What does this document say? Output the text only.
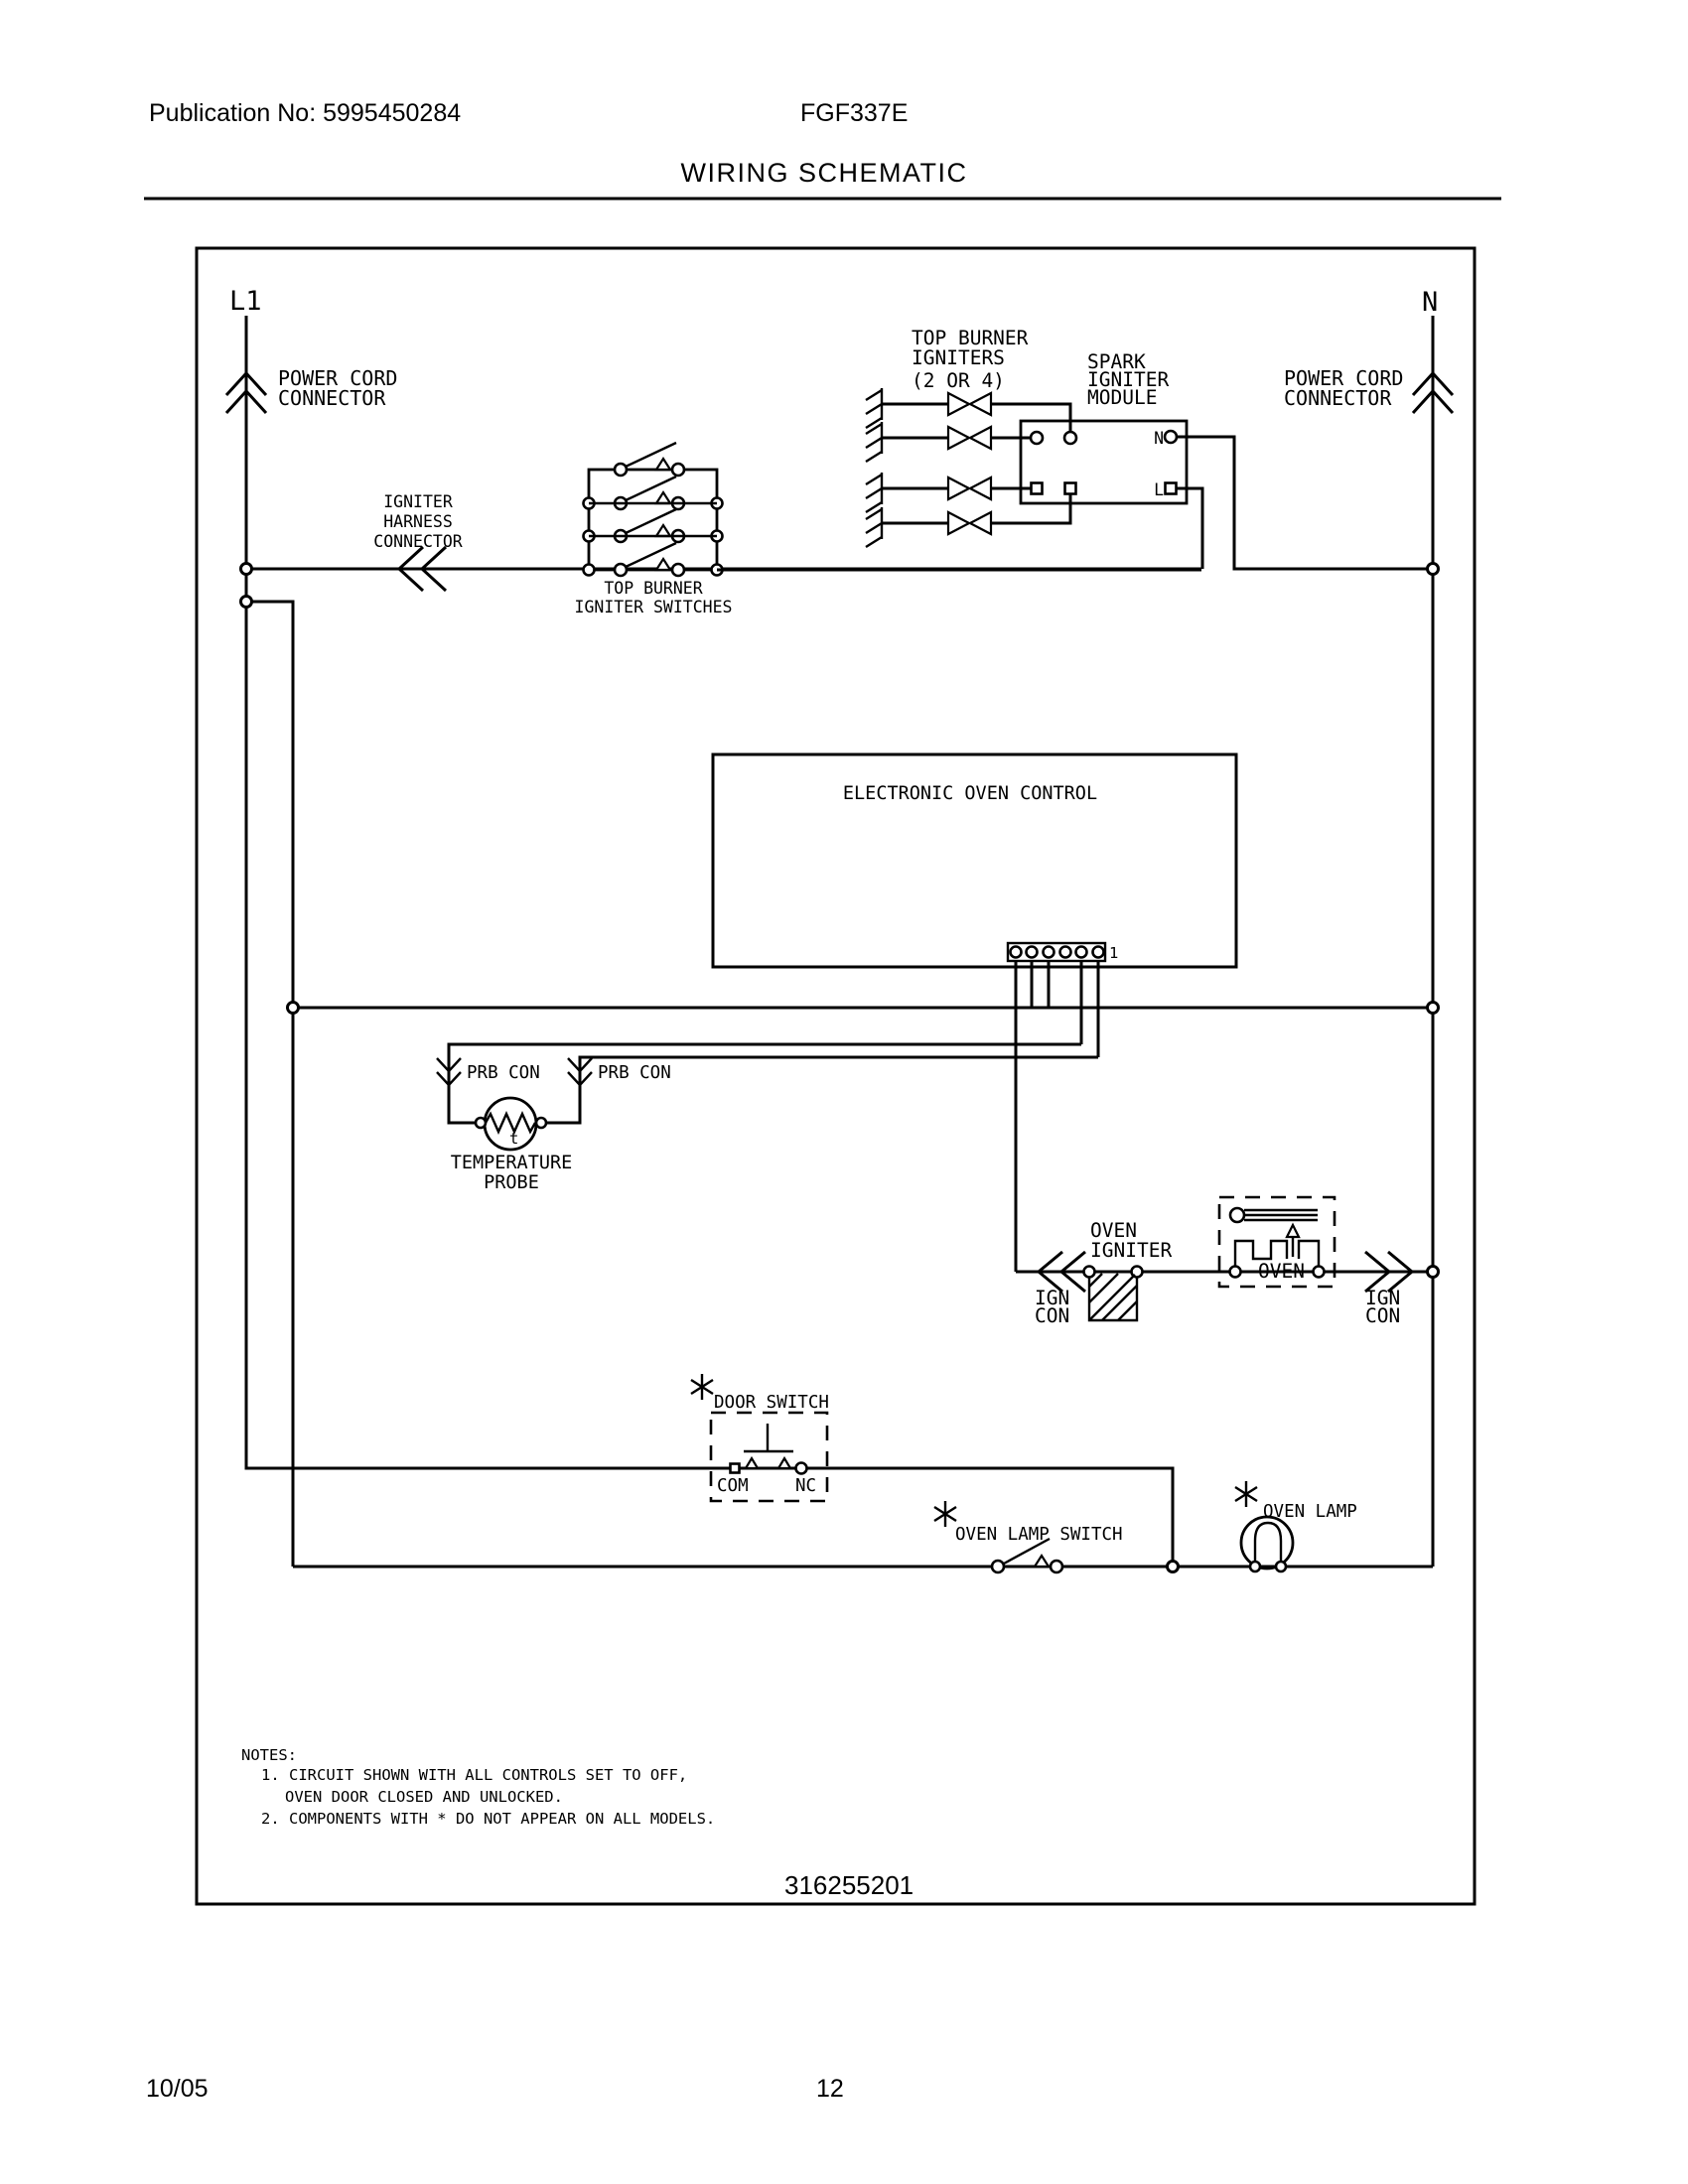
Publication No: 5995450284	FGF337E
WIRING SCHEMATIC
L1
POWER CORD
CONNECTOR
N
POWER CORD
CONNECTOR
IGNITER
HARNESS
CONNECTOR
TOP BURNER
IGNITER SWITCHES
TOP BURNER
IGNITERS
(2 OR 4)
SPARK
IGNITER
MODULE
N
L
ELECTRONIC OVEN CONTROL
1
PRB CON	PRB CON
t
TEMPERATURE
PROBE
IGN
CON
OVEN
IGNITER
OVEN
IGN
CON
DOOR SWITCH
COM	NC
OVEN LAMP SWITCH
OVEN LAMP
NOTES:
1. CIRCUIT SHOWN WITH ALL CONTROLS SET TO OFF,
OVEN DOOR CLOSED AND UNLOCKED.
2. COMPONENTS WITH * DO NOT APPEAR ON ALL MODELS.
316255201
10/05	12
